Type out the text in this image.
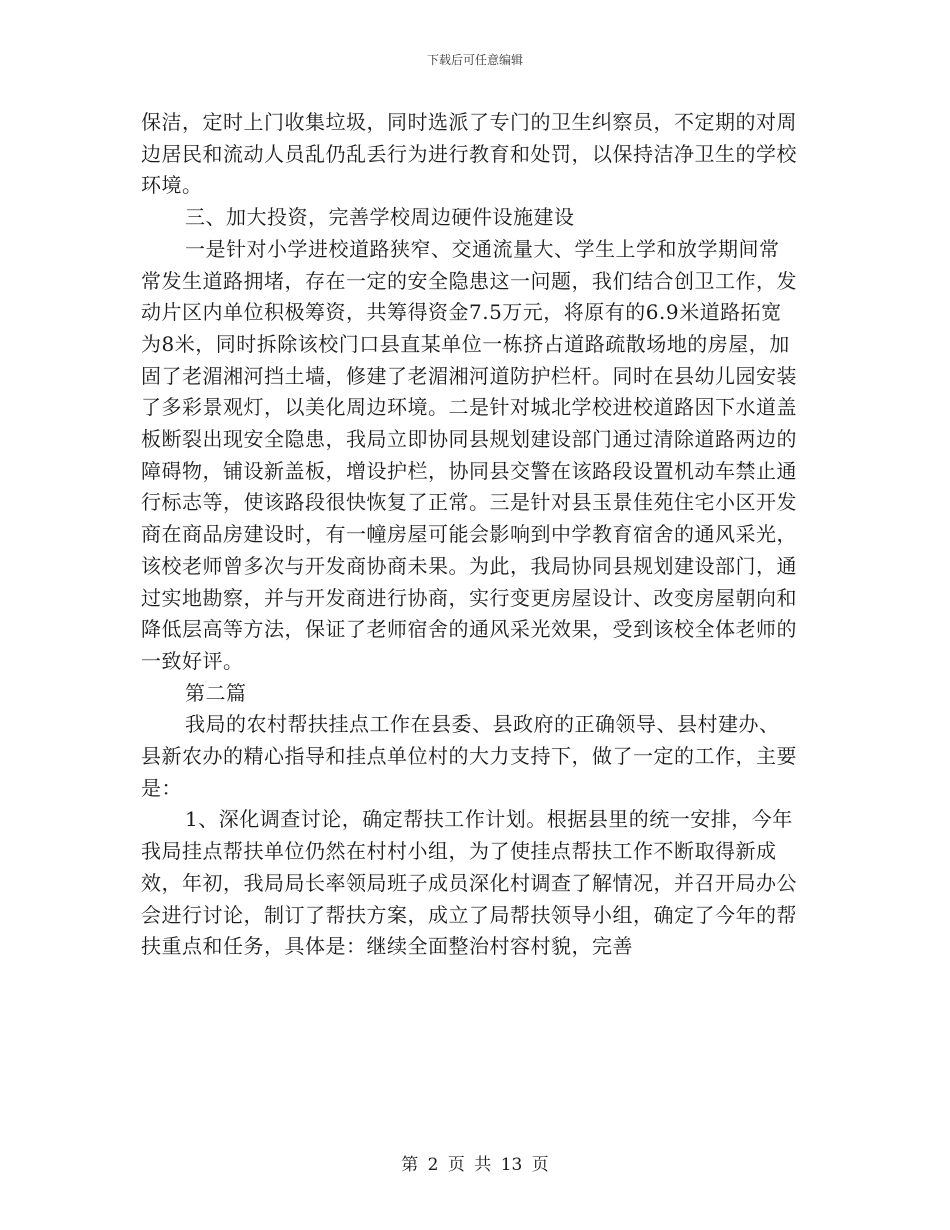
下载后可任意编辑

保洁，定时上门收集垃圾，同时选派了专门的卫生纠察员，不定期的对周边居民和流动人员乱仍乱丢行为进行教育和处罚，以保持洁净卫生的学校环境。

三、加大投资，完善学校周边硬件设施建设

一是针对小学进校道路狭窄、交通流量大、学生上学和放学期间常常发生道路拥堵，存在一定的安全隐患这一问题，我们结合创卫工作，发动片区内单位积极筹资，共筹得资金7.5万元，将原有的6.9米道路拓宽为8米，同时拆除该校门口县直某单位一栋挤占道路疏散场地的房屋，加固了老湄湘河挡土墙，修建了老湄湘河道防护栏杆。同时在县幼儿园安装了多彩景观灯，以美化周边环境。二是针对城北学校进校道路因下水道盖板断裂出现安全隐患，我局立即协同县规划建设部门通过清除道路两边的障碍物，铺设新盖板，增设护栏，协同县交警在该路段设置机动车禁止通行标志等，使该路段很快恢复了正常。三是针对县玉景佳苑住宅小区开发商在商品房建设时，有一幢房屋可能会影响到中学教育宿舍的通风采光，该校老师曾多次与开发商协商未果。为此，我局协同县规划建设部门，通过实地勘察，并与开发商进行协商，实行变更房屋设计、改变房屋朝向和降低层高等方法，保证了老师宿舍的通风采光效果，受到该校全体老师的一致好评。

第二篇

我局的农村帮扶挂点工作在县委、县政府的正确领导、县村建办、县新农办的精心指导和挂点单位村的大力支持下，做了一定的工作，主要是：

1、深化调查讨论，确定帮扶工作计划。根据县里的统一安排，今年我局挂点帮扶单位仍然在村村小组，为了使挂点帮扶工作不断取得新成效，年初，我局局长率领局班子成员深化村调查了解情况，并召开局办公会进行讨论，制订了帮扶方案，成立了局帮扶领导小组，确定了今年的帮扶重点和任务，具体是：继续全面整治村容村貌，完善

第 2 页 共 13 页
